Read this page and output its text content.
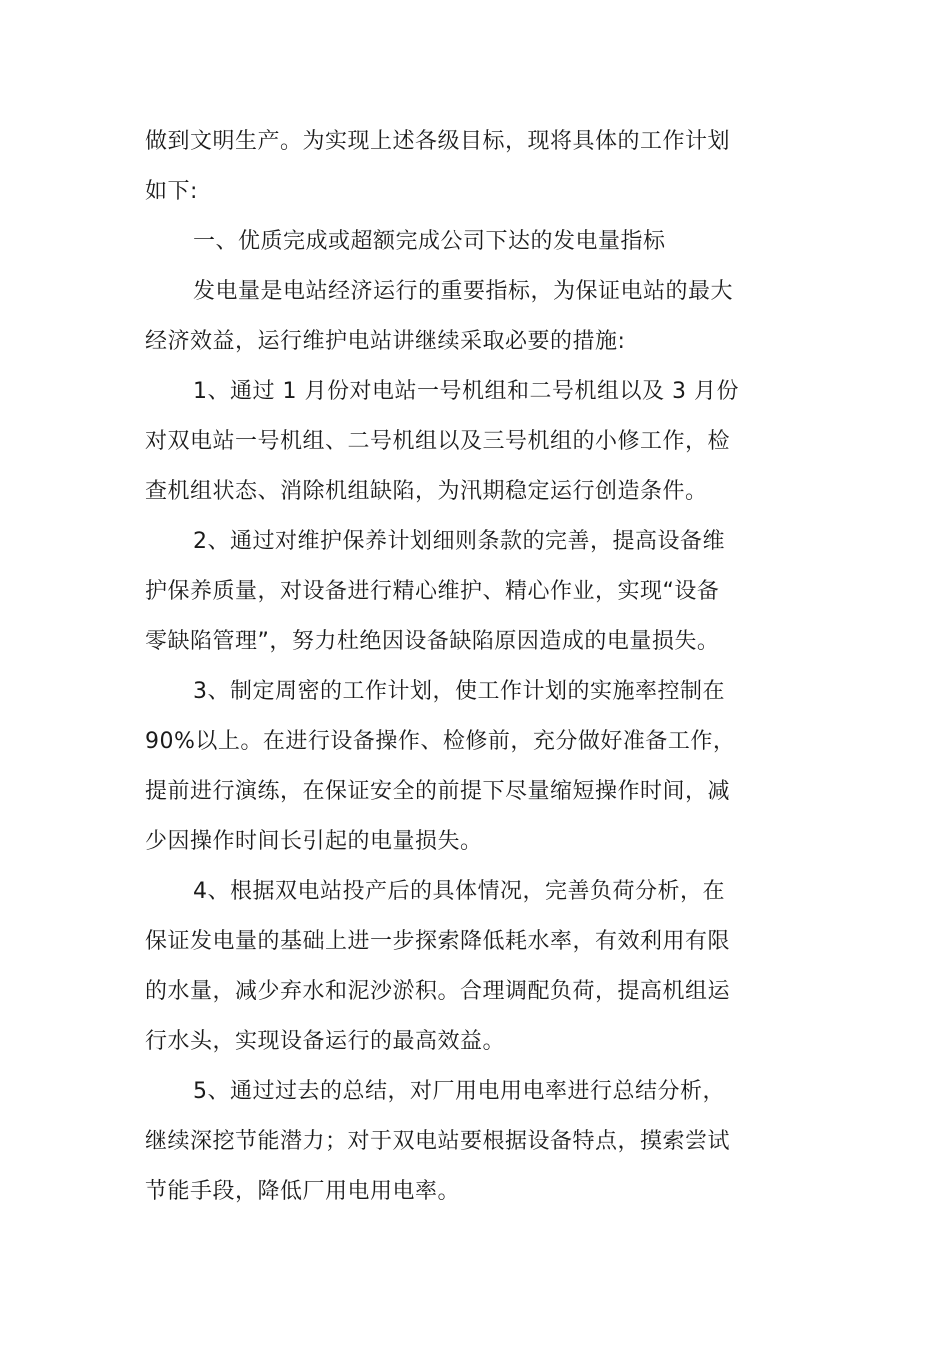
做到文明生产。为实现上述各级目标，现将具体的工作计划
如下:
一、优质完成或超额完成公司下达的发电量指标
发电量是电站经济运行的重要指标，为保证电站的最大
经济效益，运行维护电站讲继续采取必要的措施:
1、通过 1 月份对电站一号机组和二号机组以及 3 月份
对双电站一号机组、二号机组以及三号机组的小修工作，检
查机组状态、消除机组缺陷，为汛期稳定运行创造条件。
2、通过对维护保养计划细则条款的完善，提高设备维
护保养质量，对设备进行精心维护、精心作业，实现“设备
零缺陷管理”，努力杜绝因设备缺陷原因造成的电量损失。
3、制定周密的工作计划，使工作计划的实施率控制在
90%以上。在进行设备操作、检修前，充分做好准备工作，
提前进行演练，在保证安全的前提下尽量缩短操作时间，减
少因操作时间长引起的电量损失。
4、根据双电站投产后的具体情况，完善负荷分析，在
保证发电量的基础上进一步探索降低耗水率，有效利用有限
的水量，减少弃水和泥沙淤积。合理调配负荷，提高机组运
行水头，实现设备运行的最高效益。
5、通过过去的总结，对厂用电用电率进行总结分析，
继续深挖节能潜力；对于双电站要根据设备特点，摸索尝试
节能手段，降低厂用电用电率。
